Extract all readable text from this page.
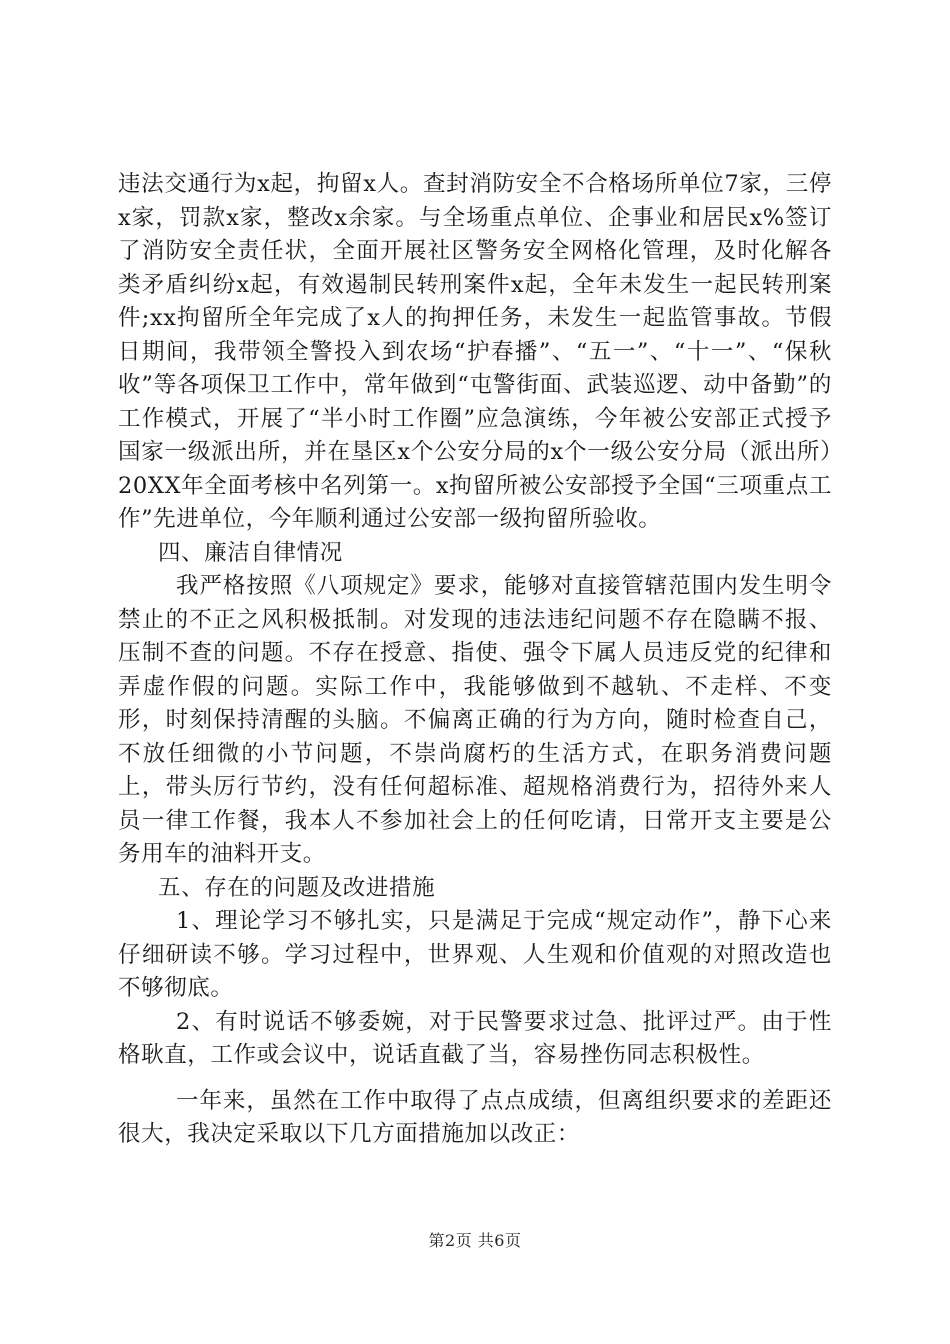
违法交通行为x起，拘留x人。查封消防安全不合格场所单位7家，三停x家，罚款x家，整改x余家。与全场重点单位、企事业和居民x%签订了消防安全责任状，全面开展社区警务安全网格化管理，及时化解各类矛盾纠纷x起，有效遏制民转刑案件x起，全年未发生一起民转刑案件;xx拘留所全年完成了x人的拘押任务，未发生一起监管事故。节假日期间，我带领全警投入到农场“护春播”、“五一”、“十一”、“保秋收”等各项保卫工作中，常年做到“屯警街面、武装巡逻、动中备勤”的工作模式，开展了“半小时工作圈”应急演练，今年被公安部正式授予国家一级派出所，并在垦区x个公安分局的x个一级公安分局（派出所）20XX年全面考核中名列第一。x拘留所被公安部授予全国“三项重点工作”先进单位，今年顺利通过公安部一级拘留所验收。

四、廉洁自律情况

我严格按照《八项规定》要求，能够对直接管辖范围内发生明令禁止的不正之风积极抵制。对发现的违法违纪问题不存在隐瞒不报、压制不查的问题。不存在授意、指使、强令下属人员违反党的纪律和弄虚作假的问题。实际工作中，我能够做到不越轨、不走样、不变形，时刻保持清醒的头脑。不偏离正确的行为方向，随时检查自己，不放任细微的小节问题，不崇尚腐朽的生活方式，在职务消费问题上，带头厉行节约，没有任何超标准、超规格消费行为，招待外来人员一律工作餐，我本人不参加社会上的任何吃请，日常开支主要是公务用车的油料开支。

五、存在的问题及改进措施

1、理论学习不够扎实，只是满足于完成“规定动作”，静下心来仔细研读不够。学习过程中，世界观、人生观和价值观的对照改造也不够彻底。

2、有时说话不够委婉，对于民警要求过急、批评过严。由于性格耿直，工作或会议中，说话直截了当，容易挫伤同志积极性。

一年来，虽然在工作中取得了点点成绩，但离组织要求的差距还很大，我决定采取以下几方面措施加以改正：

第2页 共6页
